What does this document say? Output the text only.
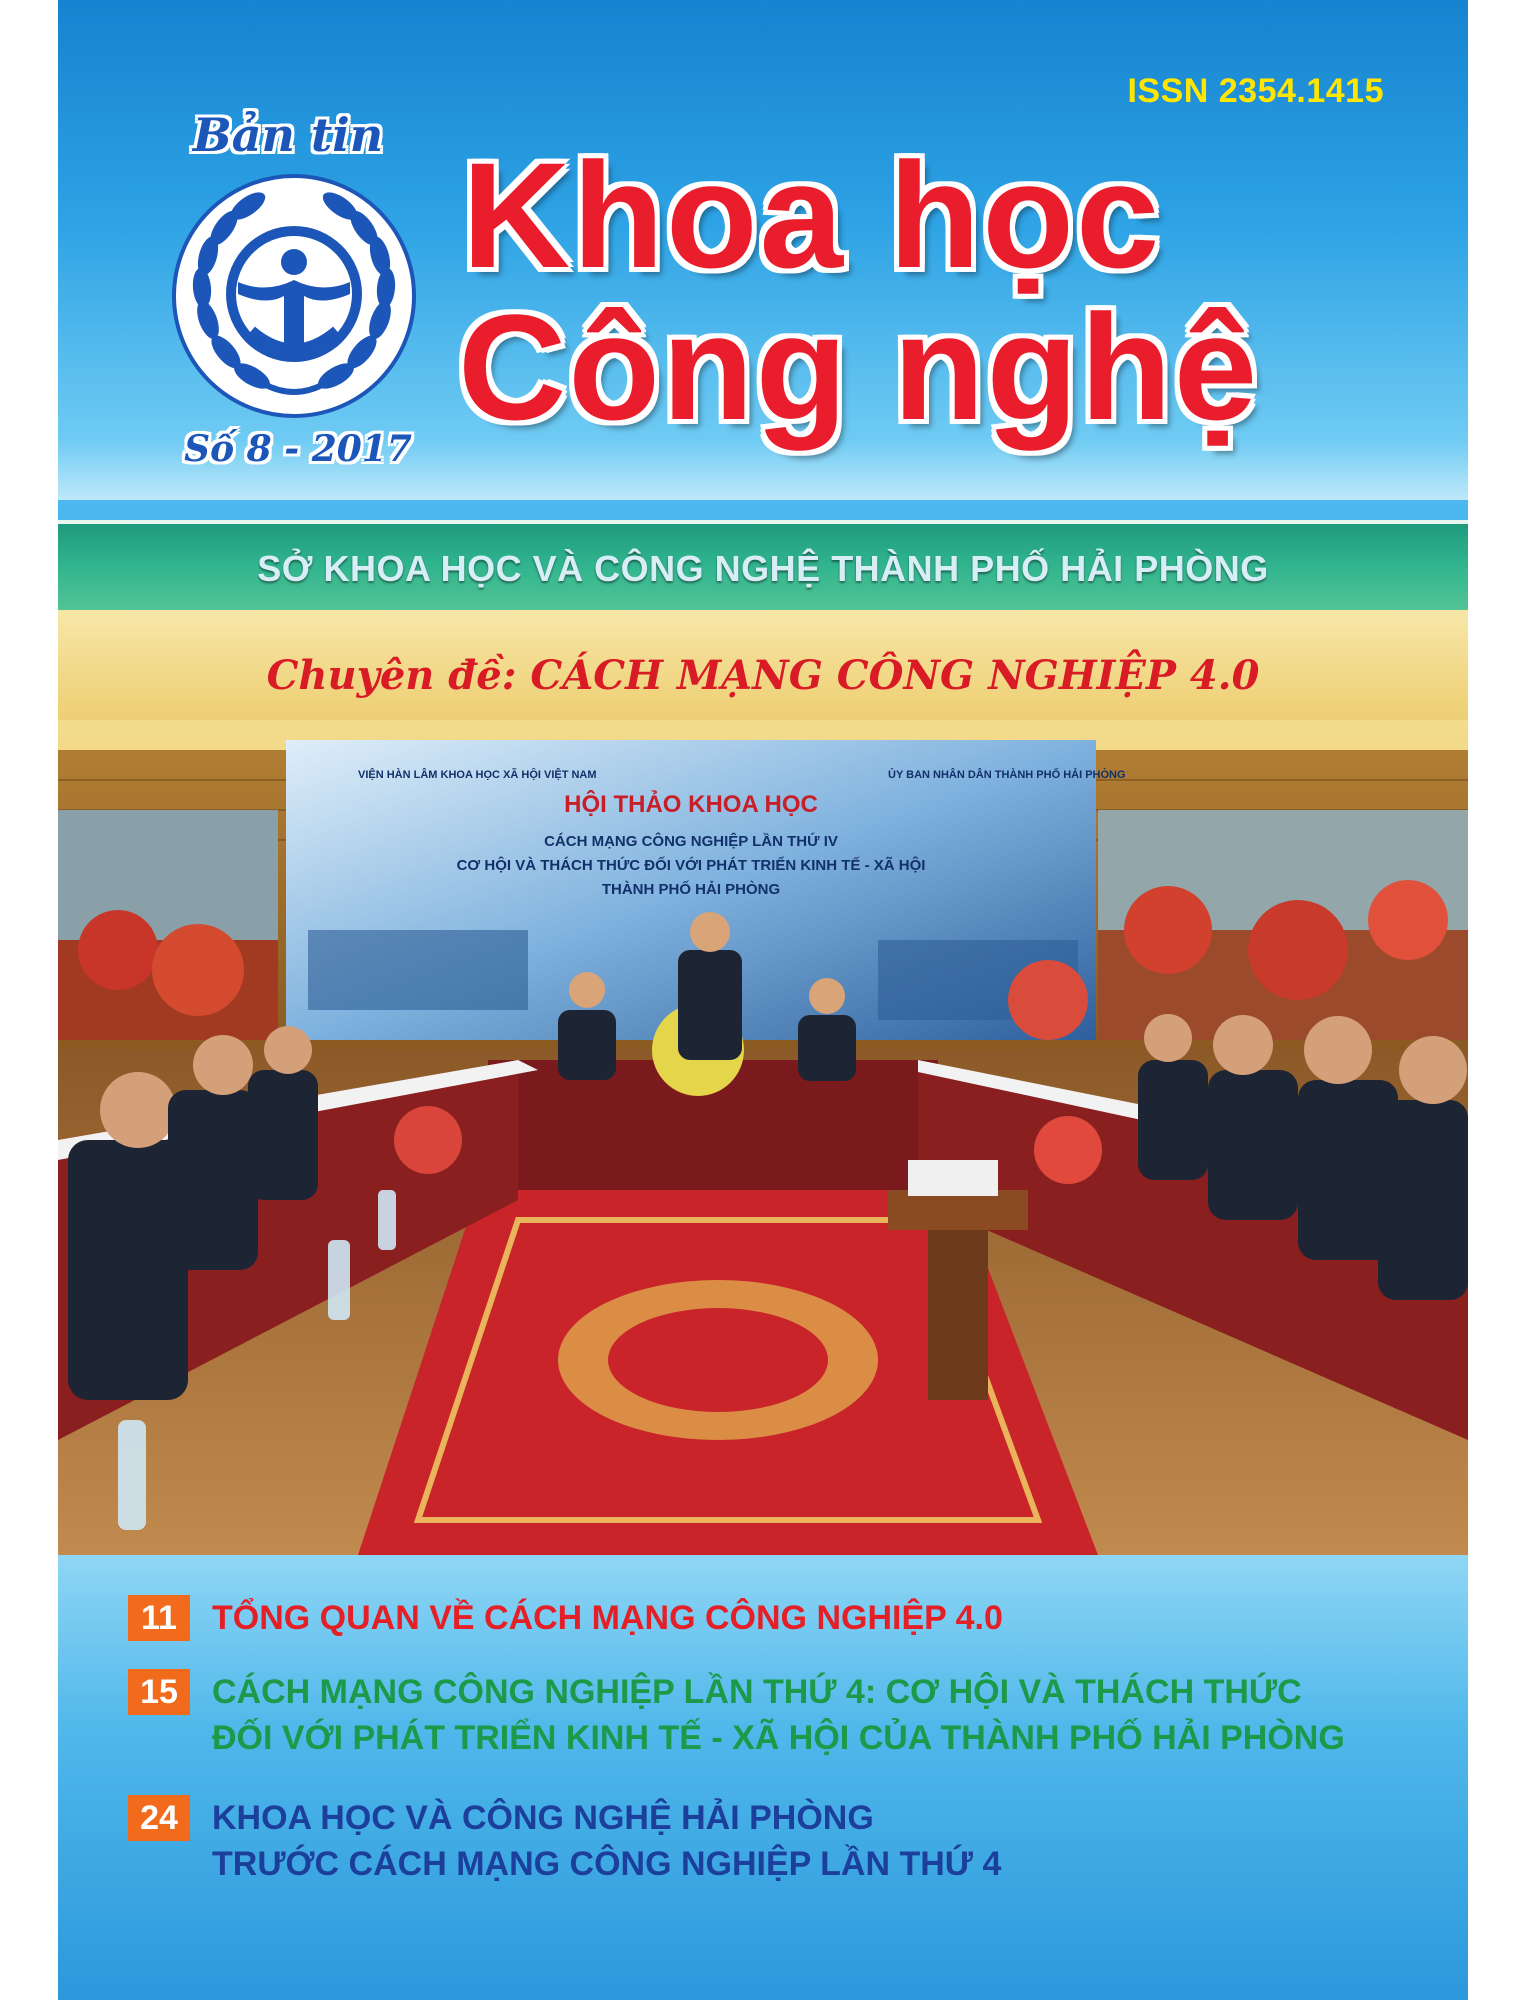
ISSN 2354.1415
Bản tin
Số 8 - 2017
Khoa học
Công nghệ
SỞ KHOA HỌC VÀ CÔNG NGHỆ THÀNH PHỐ HẢI PHÒNG
Chuyên đề: CÁCH MẠNG CÔNG NGHIỆP 4.0
VIỆN HÀN LÂM KHOA HỌC XÃ HỘI VIỆT NAM	ỦY BAN NHÂN DÂN THÀNH PHỐ HẢI PHÒNG
HỘI THẢO KHOA HỌC
CÁCH MẠNG CÔNG NGHIỆP LẦN THỨ IV
CƠ HỘI VÀ THÁCH THỨC ĐỐI VỚI PHÁT TRIỂN KINH TẾ - XÃ HỘI
THÀNH PHỐ HẢI PHÒNG
11	TỔNG QUAN VỀ CÁCH MẠNG CÔNG NGHIỆP 4.0
15	CÁCH MẠNG CÔNG NGHIỆP LẦN THỨ 4: CƠ HỘI VÀ THÁCH THỨC
ĐỐI VỚI PHÁT TRIỂN KINH TẾ - XÃ HỘI CỦA THÀNH PHỐ HẢI PHÒNG
24	KHOA HỌC VÀ CÔNG NGHỆ HẢI PHÒNG
TRƯỚC CÁCH MẠNG CÔNG NGHIỆP LẦN THỨ 4
